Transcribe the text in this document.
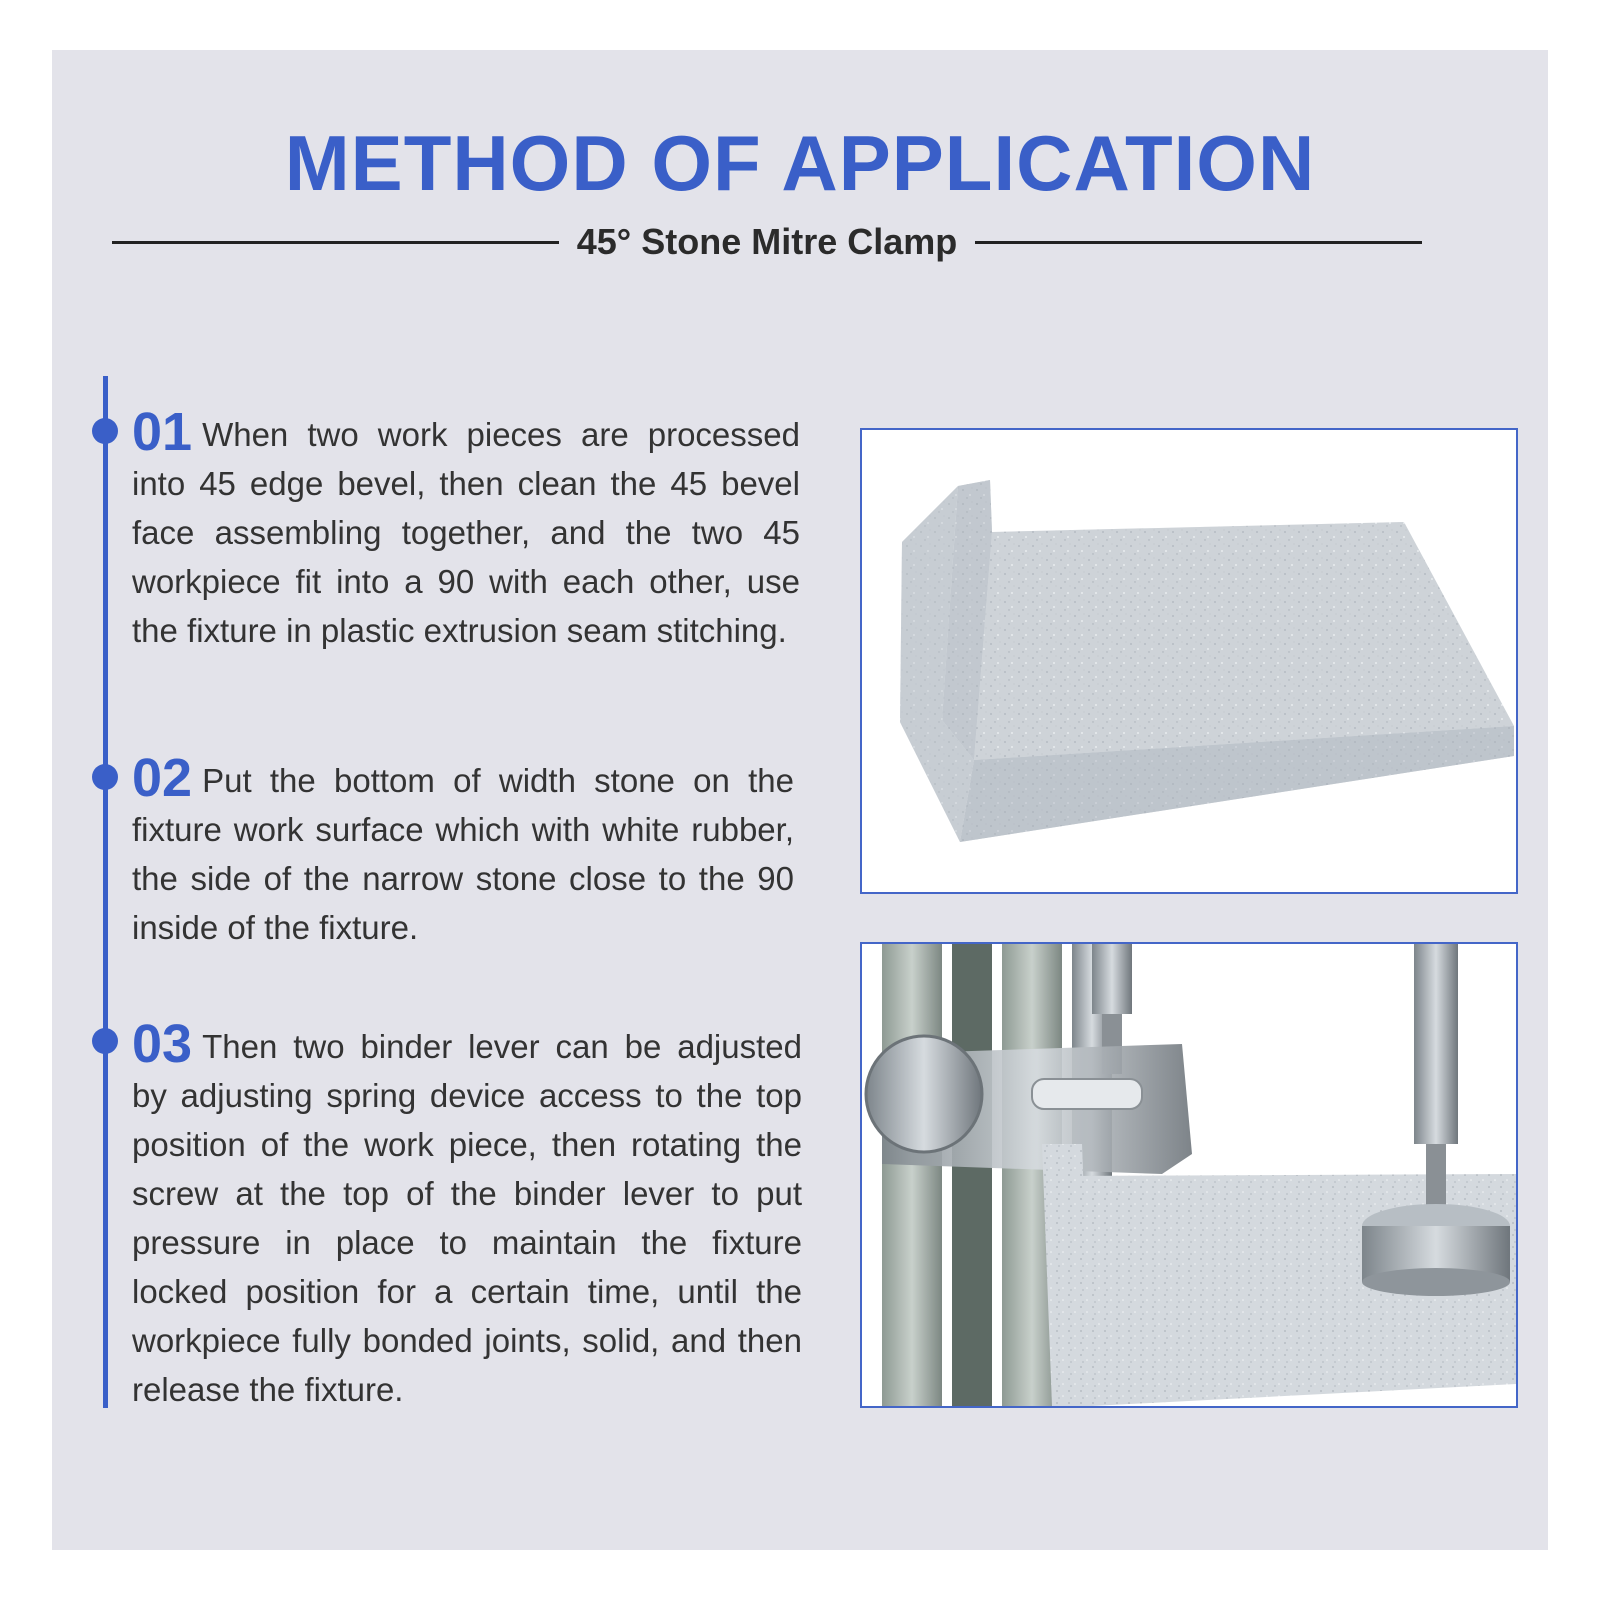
METHOD OF APPLICATION
45° Stone Mitre Clamp

01 When two work pieces are processed into 45 edge bevel, then clean the 45 bevel face assembling together, and the two 45 workpiece fit into a 90 with each other, use the fixture in plastic extrusion seam stitching.

02 Put the bottom of width stone on the fixture work surface which with white rubber, the side of the narrow stone close to the 90 inside of the fixture.

03 Then two binder lever can be adjusted by adjusting spring device access to the top position of the work piece, then rotating the screw at the top of the binder lever to put pressure in place to maintain the fixture locked position for a certain time, until the workpiece fully bonded joints, solid, and then release the fixture.
